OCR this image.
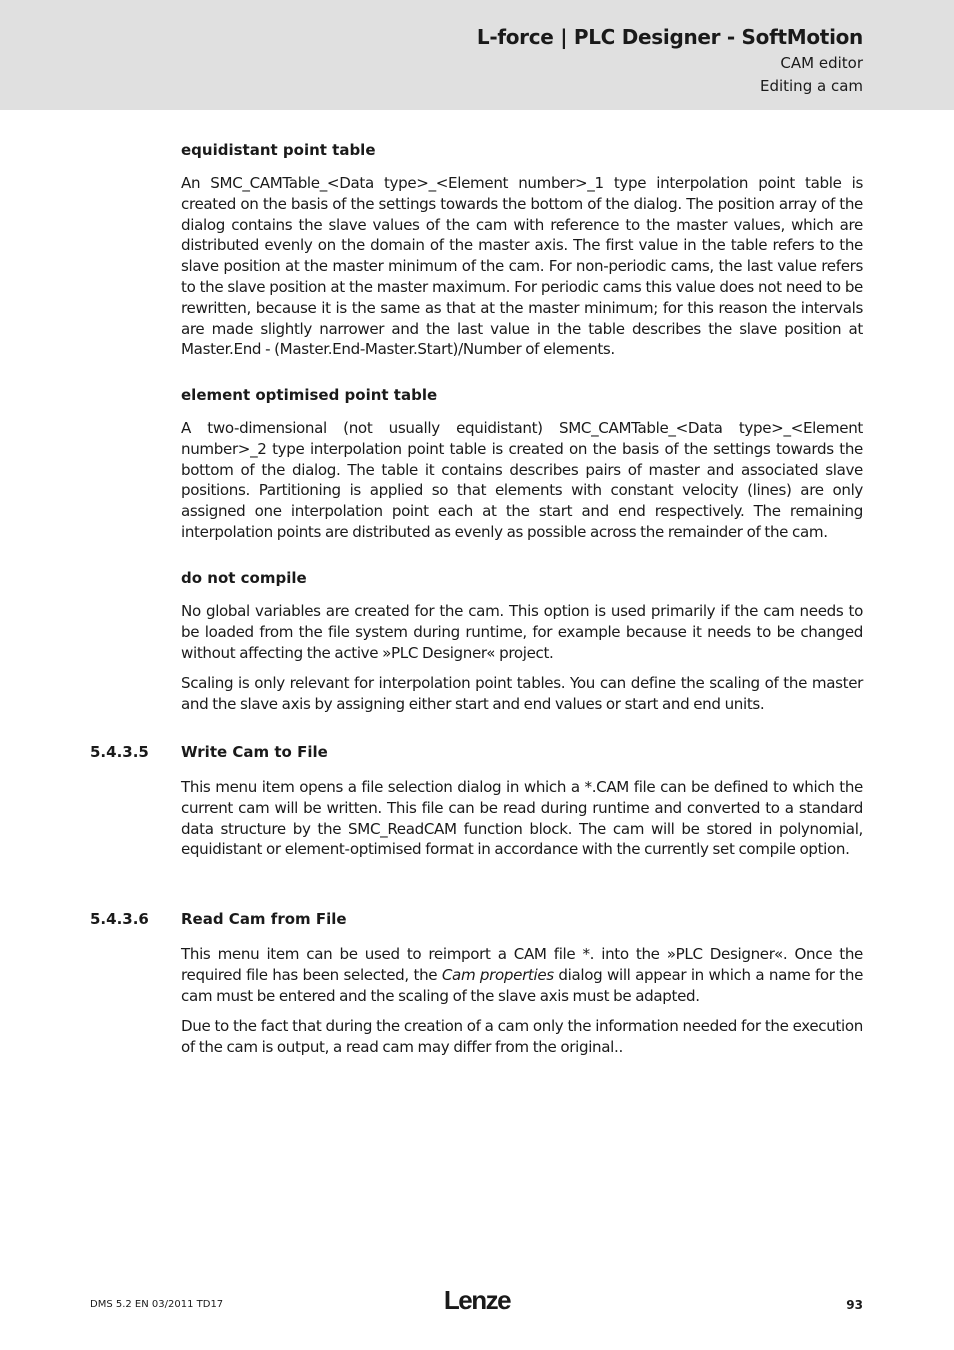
L-force | PLC Designer - SoftMotion
CAM editor
Editing a cam
equidistant point table
An SMC_CAMTable_<Data type>_<Element number>_1 type interpolation point table is created on the basis of the settings towards the bottom of the dialog. The position array of the dialog contains the slave values of the cam with reference to the master values, which are distributed evenly on the domain of the master axis. The first value in the table refers to the slave position at the master minimum of the cam. For non-periodic cams, the last value refers to the slave position at the master maximum. For periodic cams this value does not need to be rewritten, because it is the same as that at the master minimum; for this reason the intervals are made slightly narrower and the last value in the table describes the slave position at Master.End - (Master.End-Master.Start)/Number of elements.
element optimised point table
A two-dimensional (not usually equidistant) SMC_CAMTable_<Data type>_<Element number>_2 type interpolation point table is created on the basis of the settings towards the bottom of the dialog. The table it contains describes pairs of master and associated slave positions. Partitioning is applied so that elements with constant velocity (lines) are only assigned one interpolation point each at the start and end respectively. The remaining interpolation points are distributed as evenly as possible across the remainder of the cam.
do not compile
No global variables are created for the cam. This option is used primarily if the cam needs to be loaded from the file system during runtime, for example because it needs to be changed without affecting the active »PLC Designer« project.
Scaling is only relevant for interpolation point tables. You can define the scaling of the master and the slave axis by assigning either start and end values or start and end units.
5.4.3.5 Write Cam to File
This menu item opens a file selection dialog in which a *.CAM file can be defined to which the current cam will be written. This file can be read during runtime and converted to a standard data structure by the SMC_ReadCAM function block. The cam will be stored in polynomial, equidistant or element-optimised format in accordance with the currently set compile option.
5.4.3.6 Read Cam from File
This menu item can be used to reimport a CAM file *. into the »PLC Designer«. Once the required file has been selected, the Cam properties dialog will appear in which a name for the cam must be entered and the scaling of the slave axis must be adapted.
Due to the fact that during the creation of a cam only the information needed for the execution of the cam is output, a read cam may differ from the original..
DMS 5.2 EN 03/2011 TD17	Lenze	93
